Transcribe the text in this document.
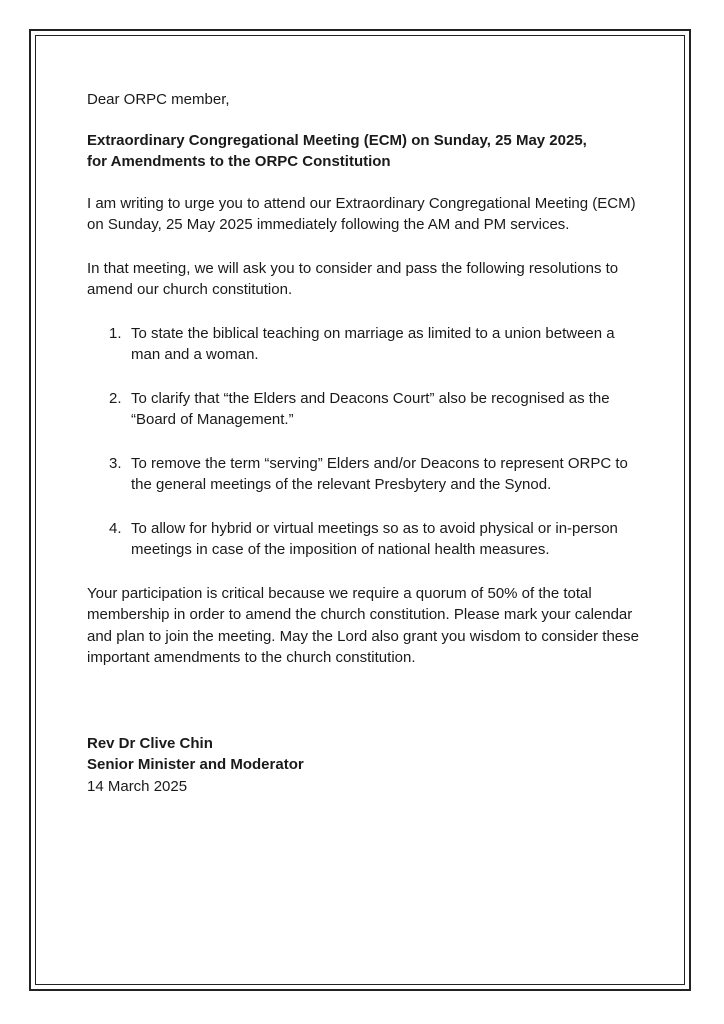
Dear ORPC member,

Extraordinary Congregational Meeting (ECM) on Sunday, 25 May 2025,
for Amendments to the ORPC Constitution

I am writing to urge you to attend our Extraordinary Congregational Meeting (ECM) on Sunday, 25 May 2025 immediately following the AM and PM services.

In that meeting, we will ask you to consider and pass the following resolutions to amend our church constitution.

1. To state the biblical teaching on marriage as limited to a union between a man and a woman.
2. To clarify that “the Elders and Deacons Court” also be recognised as the “Board of Management.”
3. To remove the term “serving” Elders and/or Deacons to represent ORPC to the general meetings of the relevant Presbytery and the Synod.
4. To allow for hybrid or virtual meetings so as to avoid physical or in-person meetings in case of the imposition of national health measures.

Your participation is critical because we require a quorum of 50% of the total membership in order to amend the church constitution. Please mark your calendar and plan to join the meeting. May the Lord also grant you wisdom to consider these important amendments to the church constitution.

Rev Dr Clive Chin

Senior Minister and Moderator

14 March 2025
